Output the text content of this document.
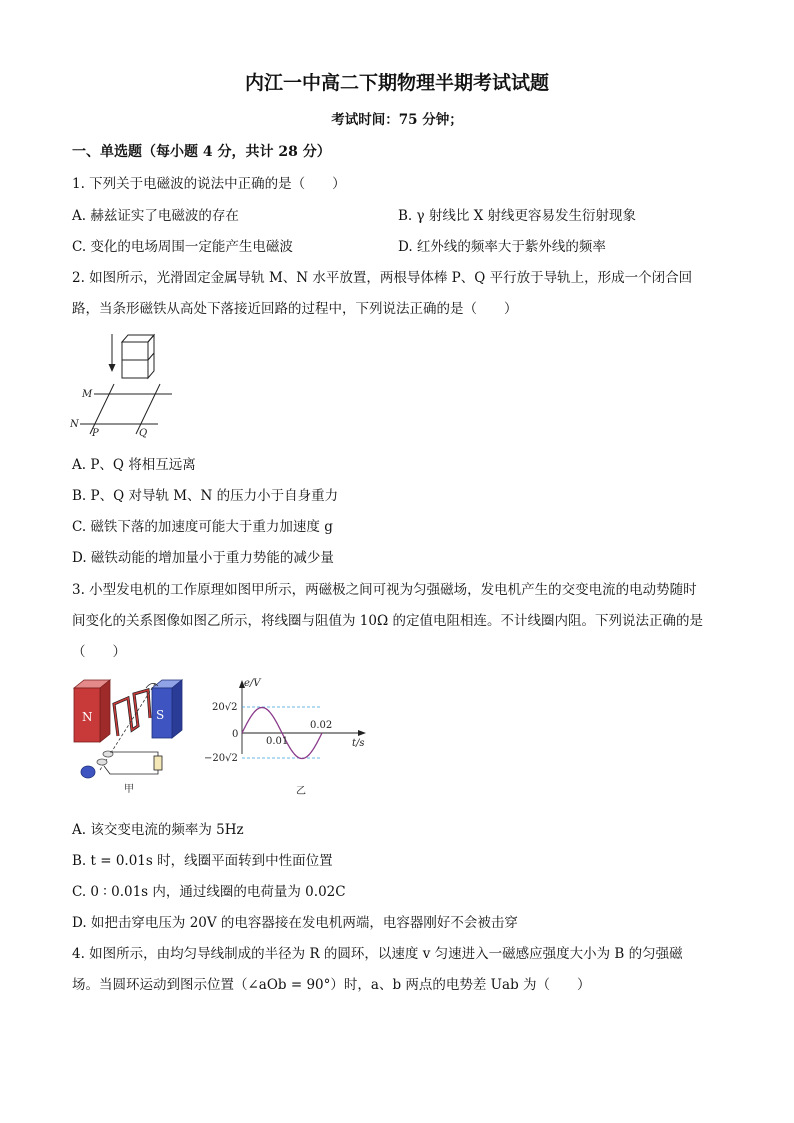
内江一中高二下期物理半期考试试题
考试时间：75 分钟；
一、单选题（每小题 4 分，共计 28 分）
1. 下列关于电磁波的说法中正确的是（　　）
A. 赫兹证实了电磁波的存在	B. γ 射线比 X 射线更容易发生衍射现象
C. 变化的电场周围一定能产生电磁波	D. 红外线的频率大于紫外线的频率
2. 如图所示，光滑固定金属导轨 M、N 水平放置，两根导体棒 P、Q 平行放于导轨上，形成一个闭合回
路，当条形磁铁从高处下落接近回路的过程中，下列说法正确的是（　　）
M
N
P	Q
A. P、Q 将相互远离
B. P、Q 对导轨 M、N 的压力小于自身重力
C. 磁铁下落的加速度可能大于重力加速度 g
D. 磁铁动能的增加量小于重力势能的减少量
3. 小型发电机的工作原理如图甲所示，两磁极之间可视为匀强磁场，发电机产生的交变电流的电动势随时
间变化的关系图像如图乙所示，将线圈与阻值为 10Ω 的定值电阻相连。不计线圈内阻。下列说法正确的是
（　　）
N	S
甲
e/V
t/s
20√2
0
−20√2
0.01
0.02
乙
A. 该交变电流的频率为 5Hz
B. t = 0.01s 时，线圈平面转到中性面位置
C. 0 ∶ 0.01s 内，通过线圈的电荷量为 0.02C
D. 如把击穿电压为 20V 的电容器接在发电机两端，电容器刚好不会被击穿
4. 如图所示，由均匀导线制成的半径为 R 的圆环，以速度 v 匀速进入一磁感应强度大小为 B 的匀强磁
场。当圆环运动到图示位置（∠aOb = 90°）时，a、b 两点的电势差 Uab 为（　　）
